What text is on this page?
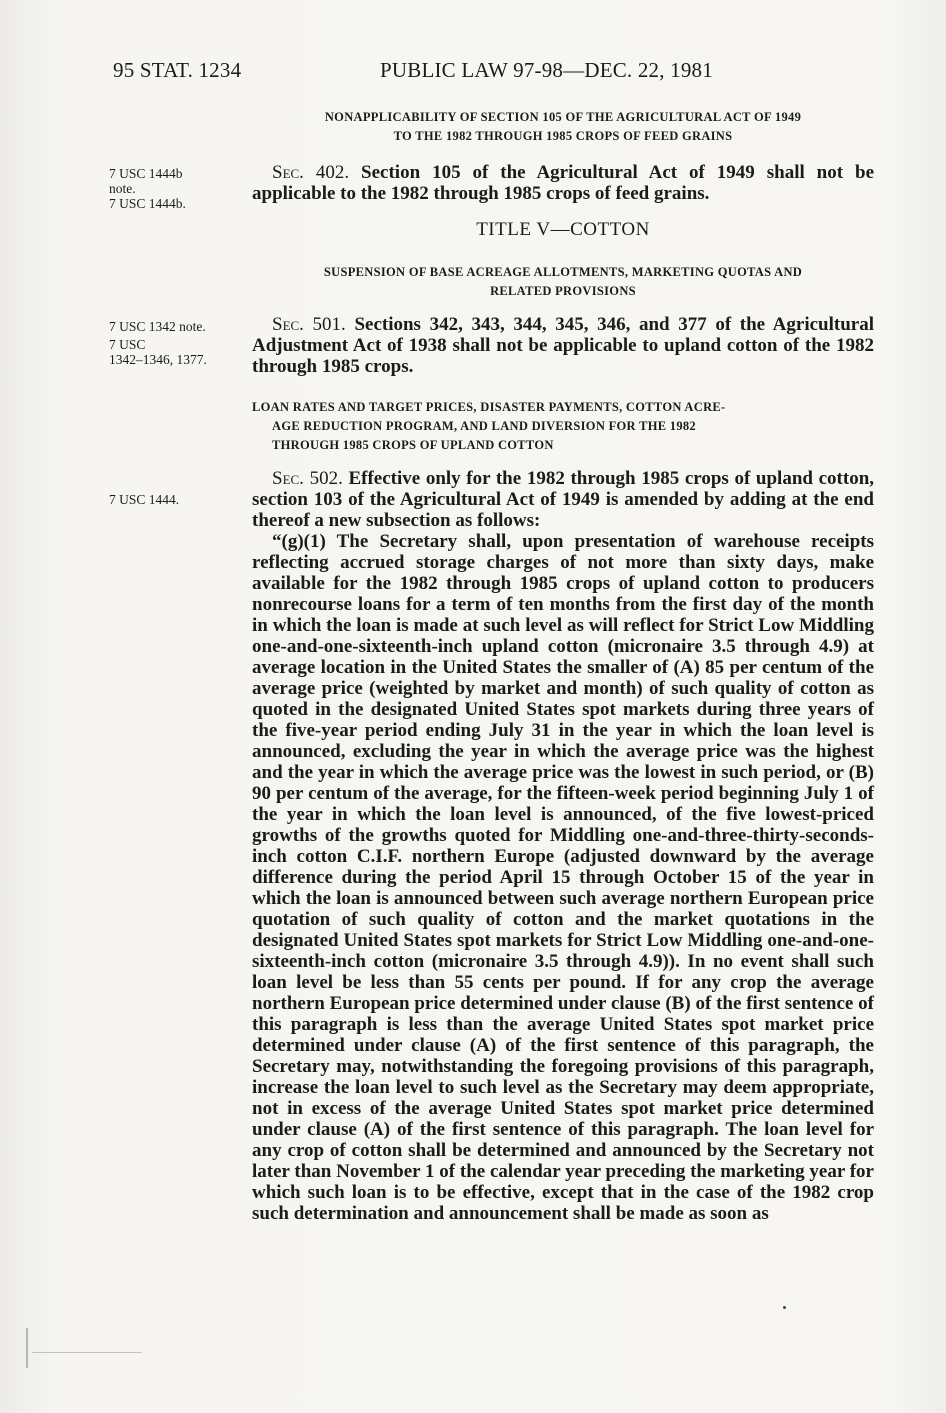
95 STAT. 1234	PUBLIC LAW 97-98—DEC. 22, 1981
NONAPPLICABILITY OF SECTION 105 OF THE AGRICULTURAL ACT OF 1949
TO THE 1982 THROUGH 1985 CROPS OF FEED GRAINS
7 USC 1444b
note.
7 USC 1444b.

Sec. 402. Section 105 of the Agricultural Act of 1949 shall not be applicable to the 1982 through 1985 crops of feed grains.

TITLE V—COTTON
SUSPENSION OF BASE ACREAGE ALLOTMENTS, MARKETING QUOTAS AND
RELATED PROVISIONS
7 USC 1342 note.
7 USC
1342–1346, 1377.

Sec. 501. Sections 342, 343, 344, 345, 346, and 377 of the Agricultural Adjustment Act of 1938 shall not be applicable to upland cotton of the 1982 through 1985 crops.

LOAN RATES AND TARGET PRICES, DISASTER PAYMENTS, COTTON ACRE-
AGE REDUCTION PROGRAM, AND LAND DIVERSION FOR THE 1982
THROUGH 1985 CROPS OF UPLAND COTTON
7 USC 1444.

Sec. 502. Effective only for the 1982 through 1985 crops of upland cotton, section 103 of the Agricultural Act of 1949 is amended by adding at the end thereof a new subsection as follows:

“(g)(1) The Secretary shall, upon presentation of warehouse receipts reflecting accrued storage charges of not more than sixty days, make available for the 1982 through 1985 crops of upland cotton to producers nonrecourse loans for a term of ten months from the first day of the month in which the loan is made at such level as will reflect for Strict Low Middling one-and-one-sixteenth-inch upland cotton (micronaire 3.5 through 4.9) at average location in the United States the smaller of (A) 85 per centum of the average price (weighted by market and month) of such quality of cotton as quoted in the designated United States spot markets during three years of the five-year period ending July 31 in the year in which the loan level is announced, excluding the year in which the average price was the highest and the year in which the average price was the lowest in such period, or (B) 90 per centum of the average, for the fifteen-week period beginning July 1 of the year in which the loan level is announced, of the five lowest-priced growths of the growths quoted for Middling one-and-three-thirty-seconds-inch cotton C.I.F. northern Europe (adjusted downward by the average difference during the period April 15 through October 15 of the year in which the loan is announced between such average northern European price quotation of such quality of cotton and the market quotations in the designated United States spot markets for Strict Low Middling one-and-one-sixteenth-inch cotton (micronaire 3.5 through 4.9)). In no event shall such loan level be less than 55 cents per pound. If for any crop the average northern European price determined under clause (B) of the first sentence of this paragraph is less than the average United States spot market price determined under clause (A) of the first sentence of this paragraph, the Secretary may, notwithstanding the foregoing provisions of this paragraph, increase the loan level to such level as the Secretary may deem appropriate, not in excess of the average United States spot market price determined under clause (A) of the first sentence of this paragraph. The loan level for any crop of cotton shall be determined and announced by the Secretary not later than November 1 of the calendar year preceding the marketing year for which such loan is to be effective, except that in the case of the 1982 crop such determination and announcement shall be made as soon as
